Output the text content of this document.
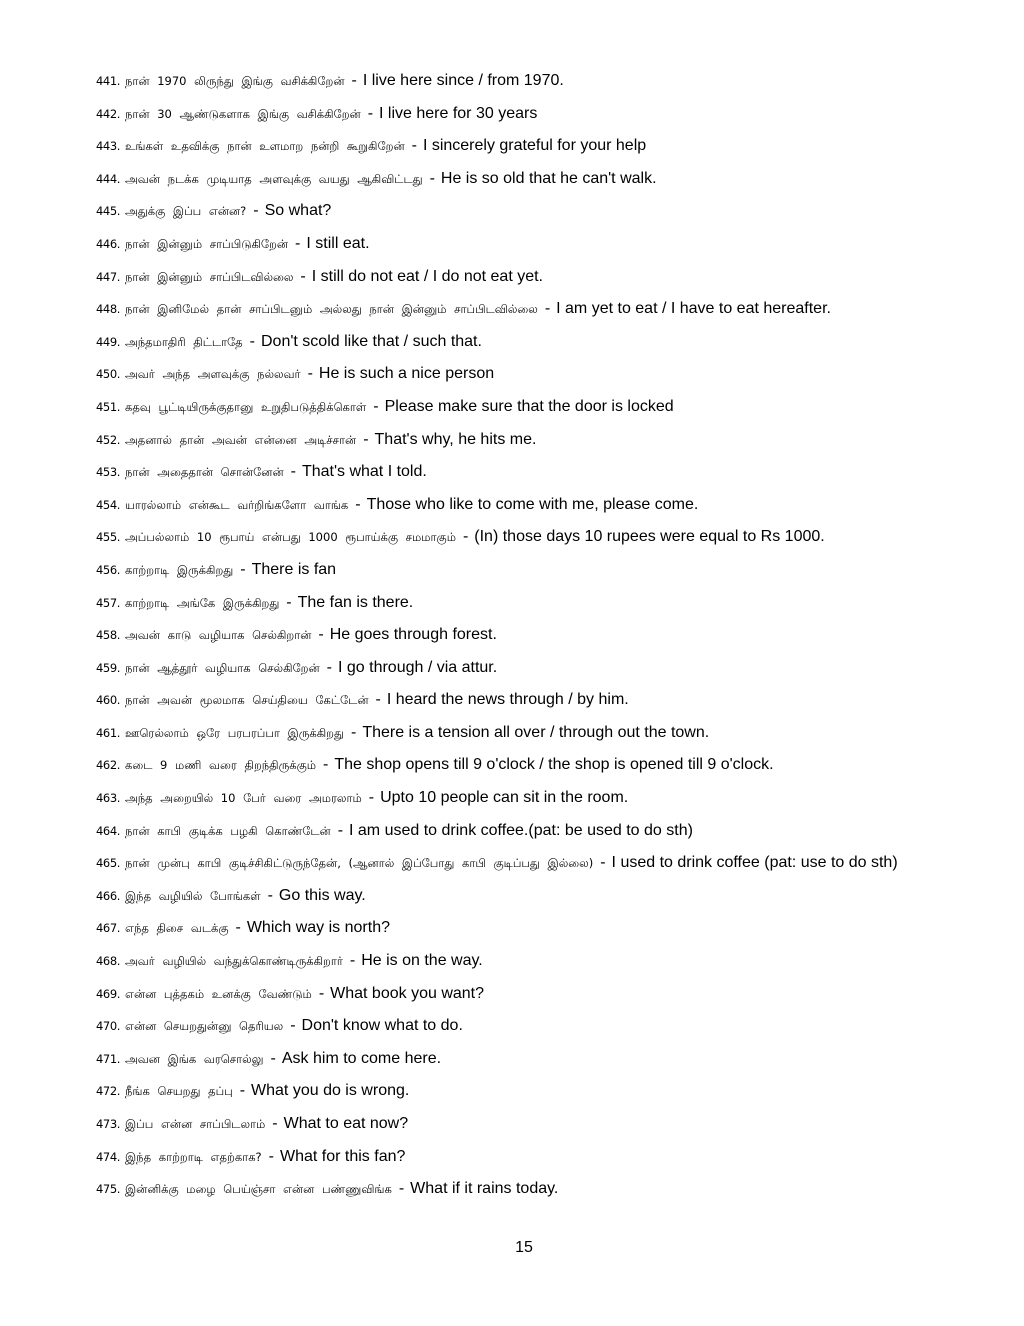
441. நான் 1970 லிருந்து இங்கு வசிக்கிறேன் - I live here since / from 1970.
442. நான் 30 ஆண்டுகளாக இங்கு வசிக்கிறேன் - I live here for 30 years
443. உங்கள் உதவிக்கு நான் உளமாற நன்றி கூறுகிறேன் - I sincerely grateful for your help
444. அவன் நடக்க முடியாத அளவுக்கு வயது ஆகிவிட்டது - He is so old that he can't walk.
445. அதுக்கு இப்ப என்ன? - So what?
446. நான் இன்னும் சாப்பிடுகிறேன் - I still eat.
447. நான் இன்னும் சாப்பிடவில்லை - I still do not eat / I do not eat yet.
448. நான் இனிமேல் தான் சாப்பிடனும் அல்லது நான் இன்னும் சாப்பிடவில்லை - I am yet to eat / I have to eat hereafter.
449. அந்தமாதிரி திட்டாதே - Don't scold like that / such that.
450. அவர் அந்த அளவுக்கு நல்லவர் - He is such a nice person
451. கதவு பூட்டியிருக்குதானு உறுதிபடுத்திக்கொள் - Please make sure that the door is locked
452. அதனால் தான் அவன் என்னை அடிச்சான் - That's why, he hits me.
453. நான் அதைதான் சொன்னேன் - That's what I told.
454. யாரல்லாம் என்கூட வர்றிங்களோ வாங்க - Those who like to come with me, please come.
455. அப்பல்லாம் 10 ரூபாய் என்பது 1000 ரூபாய்க்கு சமமாகும் - (In) those days 10 rupees were equal to Rs 1000.
456. காற்றாடி இருக்கிறது - There is fan
457. காற்றாடி அங்கே இருக்கிறது - The fan is there.
458. அவன் காடு வழியாக செல்கிறான் - He goes through forest.
459. நான் ஆத்தூர் வழியாக செல்கிறேன் - I go through / via attur.
460. நான் அவன் மூலமாக செய்தியை கேட்டேன் - I heard the news through / by him.
461. ஊரெல்லாம் ஒரே பரபரப்பா இருக்கிறது - There is a tension all over / through out the town.
462. கடை 9 மணி வரை திறந்திருக்கும் - The shop opens till 9 o'clock / the shop is opened till 9 o'clock.
463. அந்த அறையில் 10 பேர் வரை அமரலாம் - Upto 10 people can sit in the room.
464. நான் காபி குடிக்க பழகி கொண்டேன் - I am used to drink coffee.(pat: be used to do sth)
465. நான் முன்பு காபி குடிச்சிகிட்டுருந்தேன், (ஆனால் இப்போது காபி குடிப்பது இல்லை) - I used to drink coffee (pat: use to do sth)
466. இந்த வழியில் போங்கள் - Go this way.
467. எந்த திசை வடக்கு - Which way is north?
468. அவர் வழியில் வந்துக்கொண்டிருக்கிறார் - He is on the way.
469. என்ன புத்தகம் உனக்கு வேண்டும் - What book you want?
470. என்ன செயறதுன்னு தெரியல - Don't know what to do.
471. அவன இங்க வரசொல்லு - Ask him to come here.
472. நீங்க செயறது தப்பு - What you do is wrong.
473. இப்ப என்ன சாப்பிடலாம் - What to eat now?
474. இந்த காற்றாடி எதற்காக? - What for this fan?
475. இன்னிக்கு மழை பெய்ஞ்சா என்ன பண்ணுவிங்க - What if it rains today.
15
